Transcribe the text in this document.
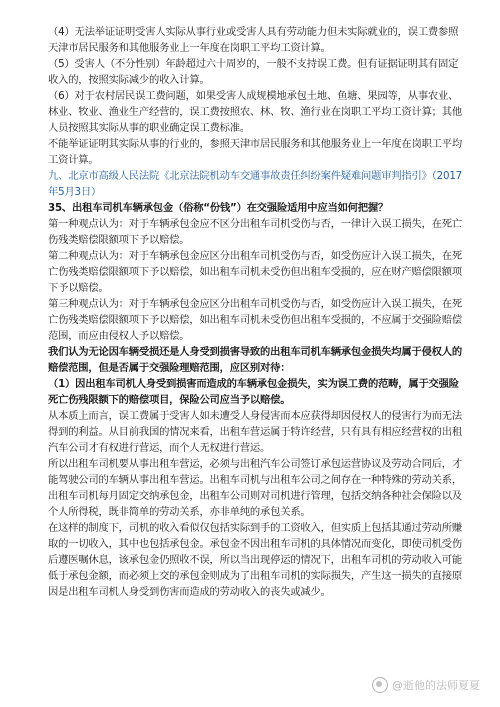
（4）无法举证证明受害人实际从事行业或受害人具有劳动能力但未实际就业的，误工费参照天津市居民服务和其他服务业上一年度在岗职工平均工资计算。

（5）受害人（不分性别）年龄超过六十周岁的，一般不支持误工费。但有证据证明其有固定收入的，按照实际减少的收入计算。

（6）对于农村居民误工费问题，如果受害人成规模地承包土地、鱼塘、果园等，从事农业、林业、牧业、渔业生产经营的，误工费按照农、林、牧、渔行业在岗职工平均工资计算；其他人员按照其实际从事的职业确定误工费标准。

不能举证证明其实际从事的行业的，参照天津市居民服务和其他服务业上一年度在岗职工平均工资计算。

九、北京市高级人民法院《北京法院机动车交通事故责任纠纷案件疑难问题审判指引》（2017年5月3日）

35、出租车司机车辆承包金（俗称“份钱”）在交强险适用中应当如何把握？

第一种观点认为：对于车辆承包金应不区分出租车司机受伤与否，一律计入误工损失，在死亡伤残类赔偿限额项下予以赔偿。

第二种观点认为：对于车辆承包金应区分出租车司机受伤与否，如受伤应计入误工损失，在死亡伤残类赔偿限额项下予以赔偿，如出租车司机未受伤但出租车受损的，应在财产赔偿限额项下予以赔偿。

第三种观点认为：对于车辆承包金应区分出租车司机受伤与否，如受伤应计入误工损失，在死亡伤残类赔偿限额项下予以赔偿，如出租车司机未受伤但出租车受损的，不应属于交强险赔偿范围，而应由侵权人予以赔偿。

我们认为无论因车辆受损还是人身受到损害导致的出租车司机车辆承包金损失均属于侵权人的赔偿范围，但是否属于交强险理赔范围，应区别对待：

（1）因出租车司机人身受到损害而造成的车辆承包金损失，实为误工费的范畴，属于交强险死亡伤残限额下的赔偿项目，保险公司应当予以赔偿。

从本质上而言，误工费属于受害人如未遭受人身侵害而本应获得却因侵权人的侵害行为而无法得到的利益。从目前我国的情况来看，出租车营运属于特许经营，只有具有相应经营权的出租汽车公司才有权进行营运，而个人无权进行营运。

所以出租车司机要从事出租车营运，必须与出租汽车公司签订承包运营协议及劳动合同后，才能驾驶公司的车辆从事出租车营运。出租车司机与出租车公司之间存在一种特殊的劳动关系，出租车司机每月固定交纳承包金，出租车公司则对司机进行管理，包括交纳各种社会保险以及个人所得税，既非简单的劳动关系，亦非单纯的承包关系。

在这样的制度下，司机的收入看似仅包括实际到手的工资收入，但实质上包括其通过劳动所赚取的一切收入，其中也包括承包金。承包金不因出租车司机的具体情况而变化，即使司机受伤后遵医嘱休息，该承包金仍照收不误，所以当出现停运的情况下，出租车司机的劳动收入可能低于承包金额，而必须上交的承包金则成为了出租车司机的实际损失，产生这一损失的直接原因是出租车司机人身受到伤害而造成的劳动收入的丧失或减少。

@逝他的法师夏夏
